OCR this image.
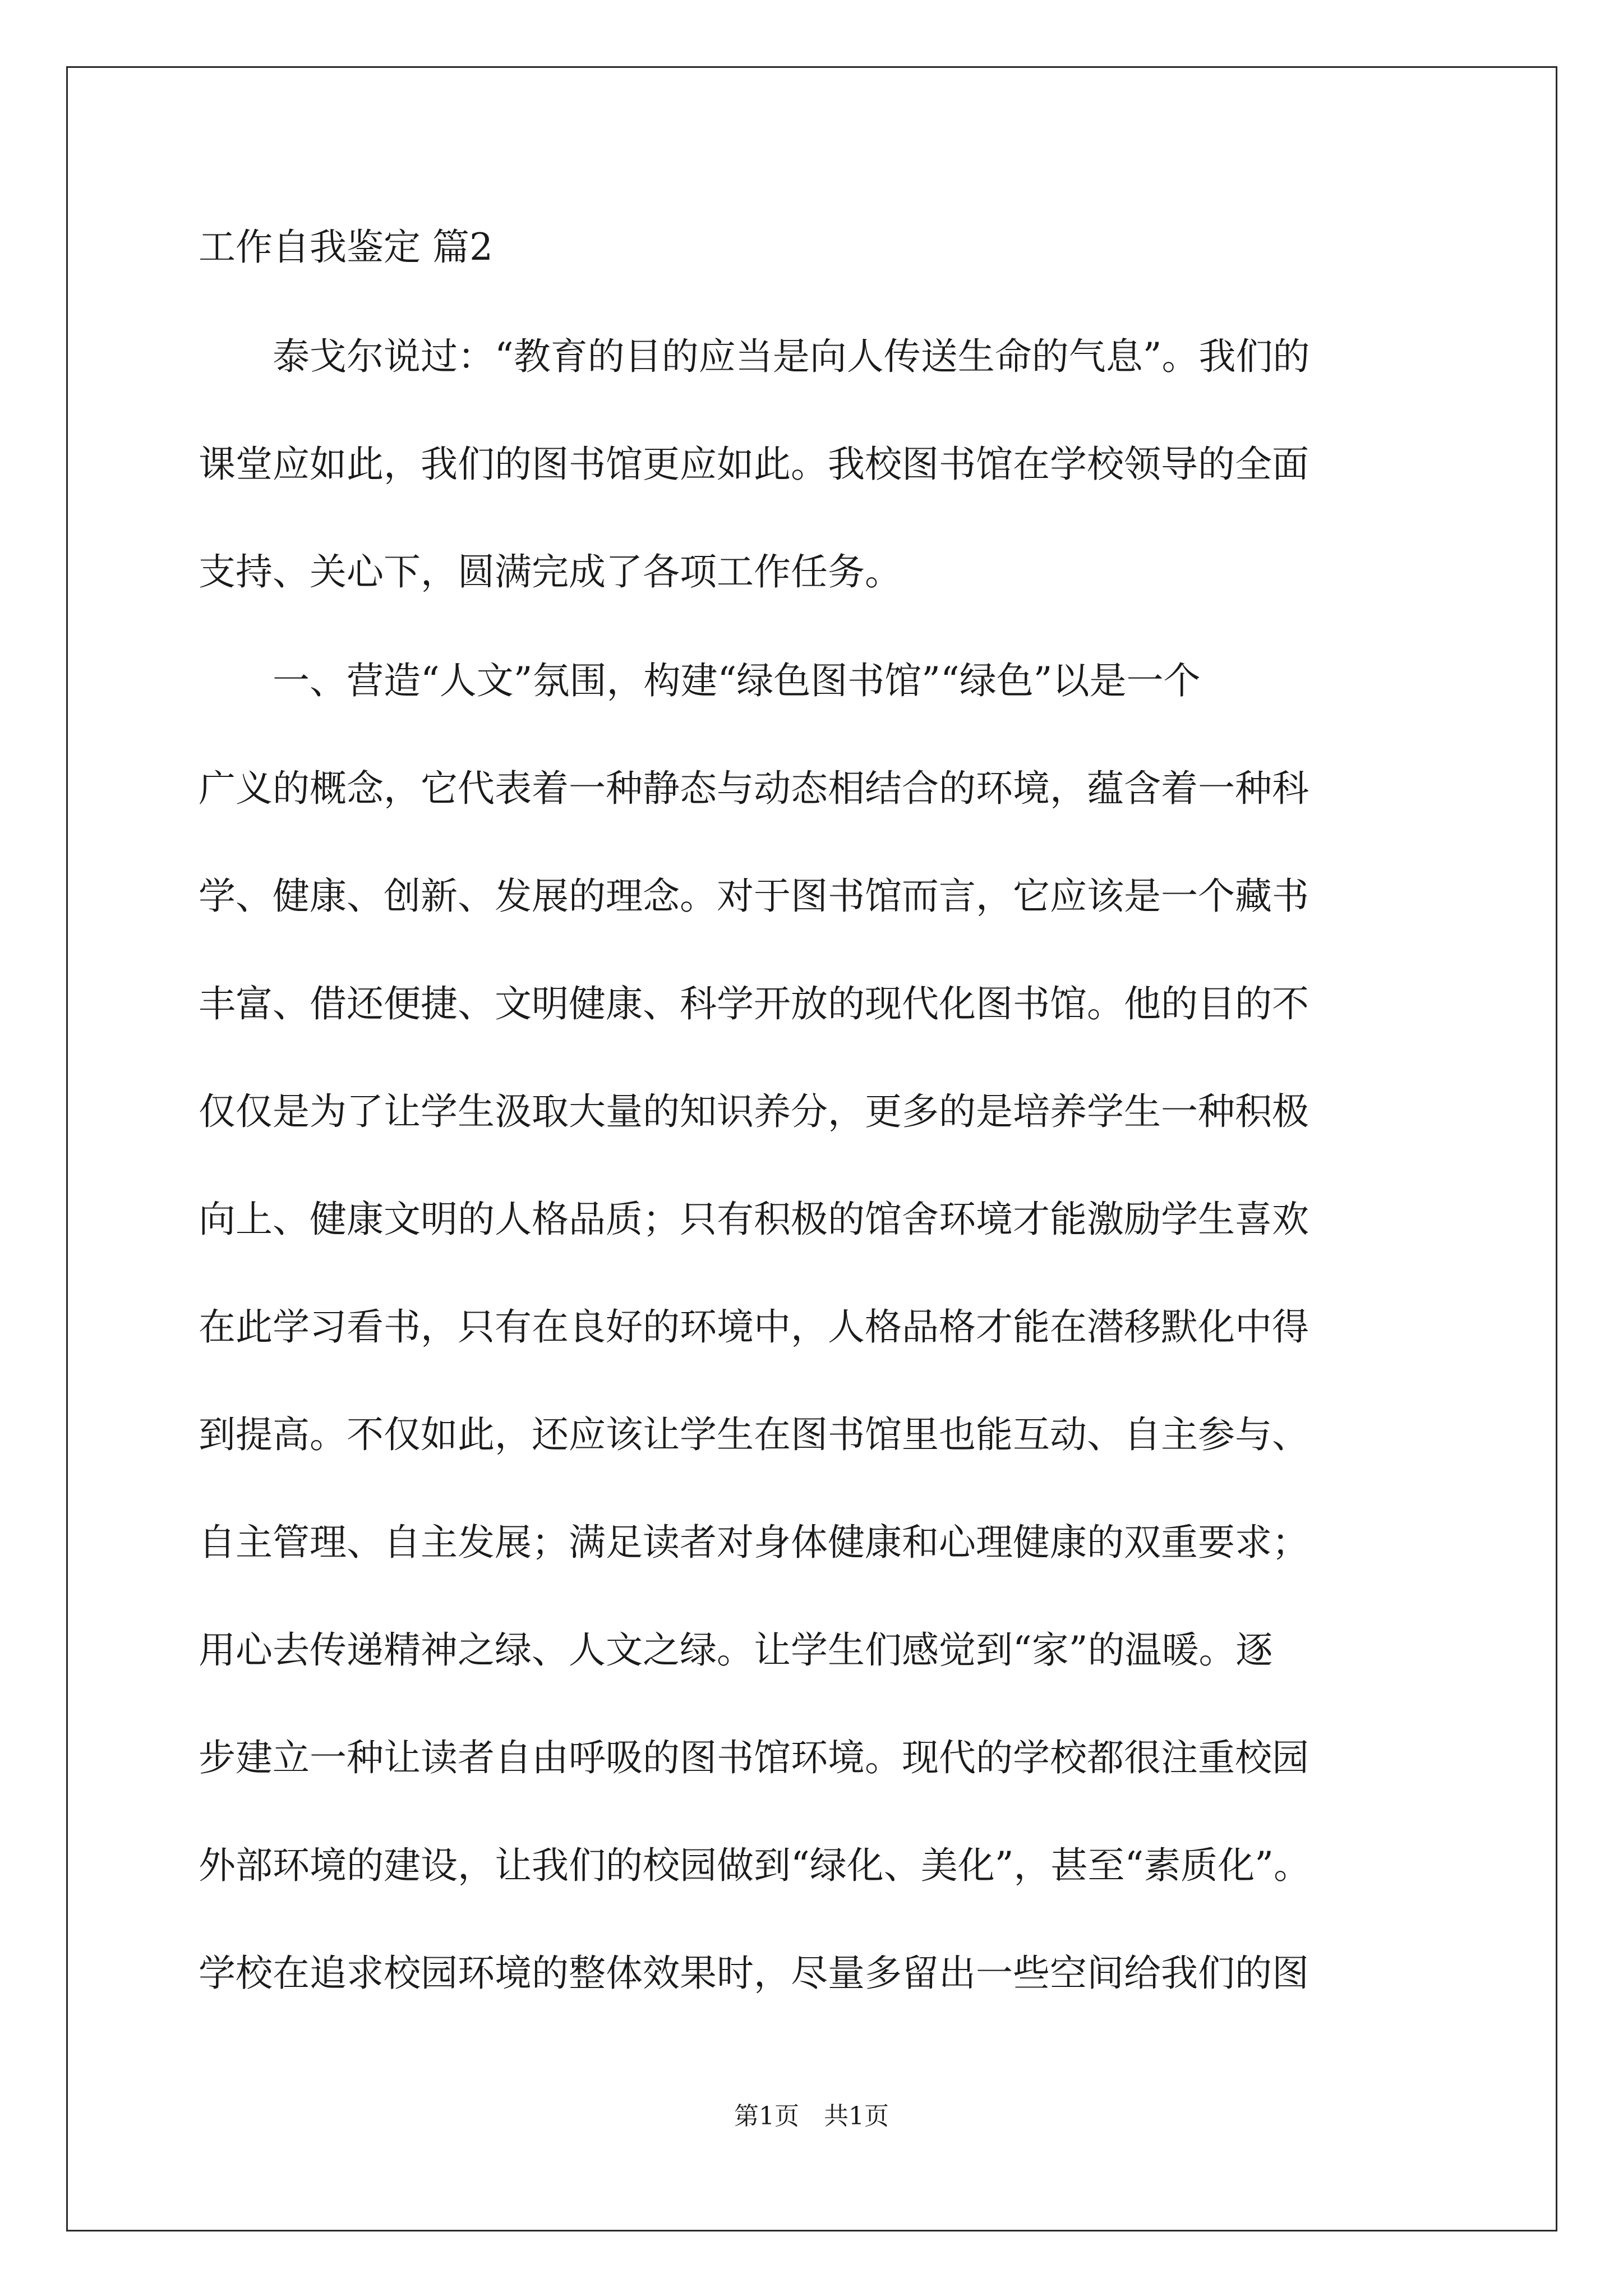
工作自我鉴定 篇2
　　泰戈尔说过：“教育的目的应当是向人传送生命的气息”。我们的
课堂应如此，我们的图书馆更应如此。我校图书馆在学校领导的全面
支持、关心下，圆满完成了各项工作任务。
　　一、营造“人文”氛围，构建“绿色图书馆”“绿色”以是一个
广义的概念，它代表着一种静态与动态相结合的环境，蕴含着一种科
学、健康、创新、发展的理念。对于图书馆而言，它应该是一个藏书
丰富、借还便捷、文明健康、科学开放的现代化图书馆。他的目的不
仅仅是为了让学生汲取大量的知识养分，更多的是培养学生一种积极
向上、健康文明的人格品质；只有积极的馆舍环境才能激励学生喜欢
在此学习看书，只有在良好的环境中，人格品格才能在潜移默化中得
到提高。不仅如此，还应该让学生在图书馆里也能互动、自主参与、
自主管理、自主发展；满足读者对身体健康和心理健康的双重要求；
用心去传递精神之绿、人文之绿。让学生们感觉到“家”的温暖。逐
步建立一种让读者自由呼吸的图书馆环境。现代的学校都很注重校园
外部环境的建设，让我们的校园做到“绿化、美化”，甚至“素质化”。
学校在追求校园环境的整体效果时，尽量多留出一些空间给我们的图
第1页　共1页
